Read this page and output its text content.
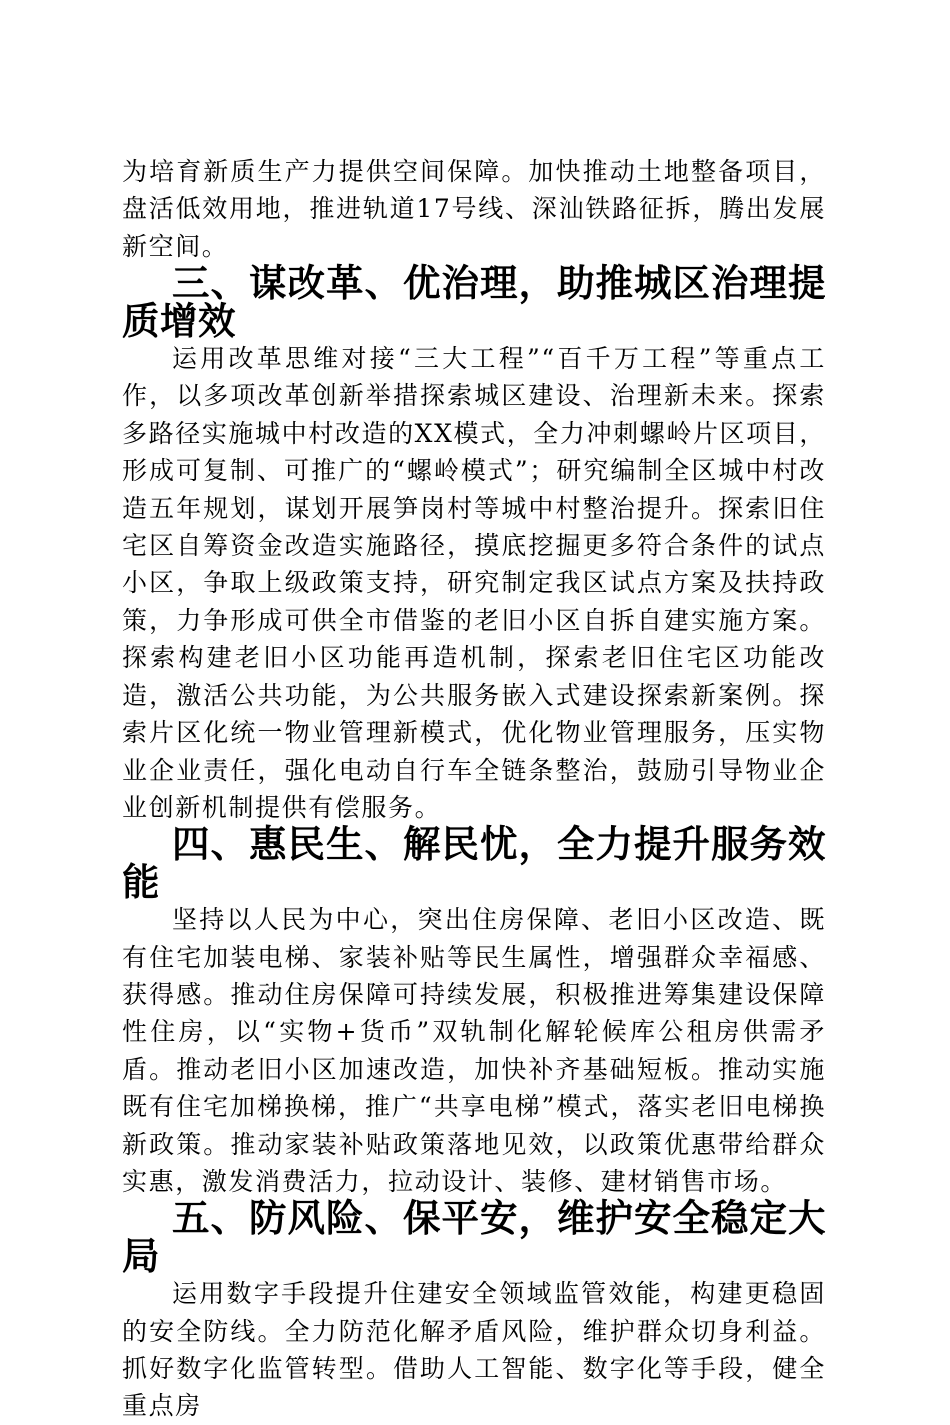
为培育新质生产力提供空间保障。加快推动土地整备项目，盘活低效用地，推进轨道17号线、深汕铁路征拆，腾出发展新空间。

三、谋改革、优治理，助推城区治理提质增效

运用改革思维对接“三大工程”“百千万工程”等重点工作，以多项改革创新举措探索城区建设、治理新未来。探索多路径实施城中村改造的XX模式，全力冲刺螺岭片区项目，形成可复制、可推广的“螺岭模式”；研究编制全区城中村改造五年规划，谋划开展笋岗村等城中村整治提升。探索旧住宅区自筹资金改造实施路径，摸底挖掘更多符合条件的试点小区，争取上级政策支持，研究制定我区试点方案及扶持政策，力争形成可供全市借鉴的老旧小区自拆自建实施方案。探索构建老旧小区功能再造机制，探索老旧住宅区功能改造，激活公共功能，为公共服务嵌入式建设探索新案例。探索片区化统一物业管理新模式，优化物业管理服务，压实物业企业责任，强化电动自行车全链条整治，鼓励引导物业企业创新机制提供有偿服务。

四、惠民生、解民忧，全力提升服务效能

坚持以人民为中心，突出住房保障、老旧小区改造、既有住宅加装电梯、家装补贴等民生属性，增强群众幸福感、获得感。推动住房保障可持续发展，积极推进筹集建设保障性住房，以“实物+货币”双轨制化解轮候库公租房供需矛盾。推动老旧小区加速改造，加快补齐基础短板。推动实施既有住宅加梯换梯，推广“共享电梯”模式，落实老旧电梯换新政策。推动家装补贴政策落地见效，以政策优惠带给群众实惠，激发消费活力，拉动设计、装修、建材销售市场。

五、防风险、保平安，维护安全稳定大局

运用数字手段提升住建安全领域监管效能，构建更稳固的安全防线。全力防范化解矛盾风险，维护群众切身利益。抓好数字化监管转型。借助人工智能、数字化等手段，健全重点房
